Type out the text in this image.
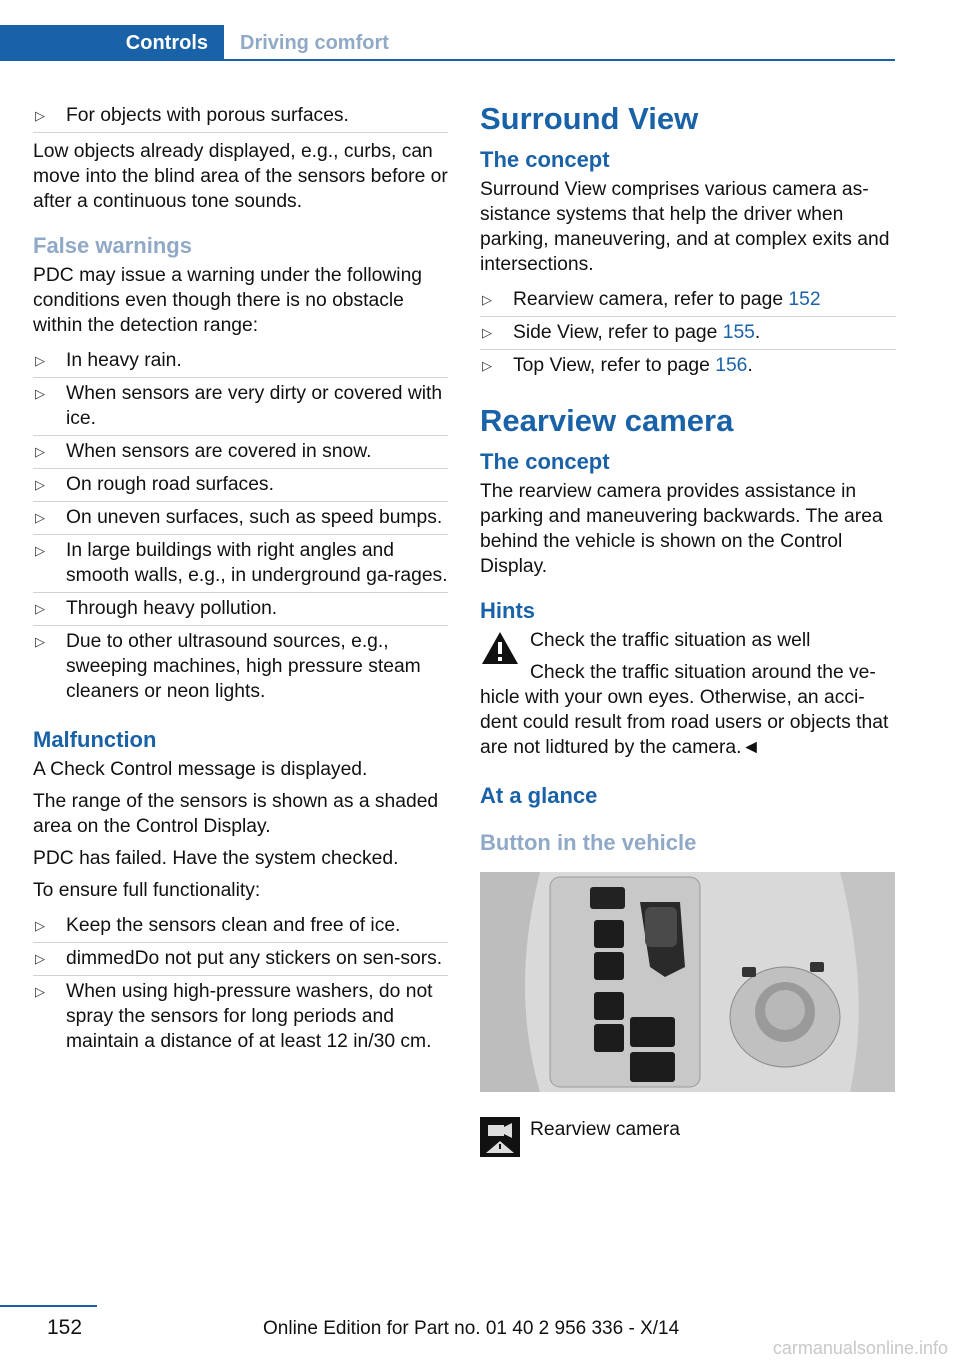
Controls	Driving comfort
▷ For objects with porous surfaces.

Low objects already displayed, e.g., curbs, can move into the blind area of the sensors before or after a continuous tone sounds.

False warnings

PDC may issue a warning under the following conditions even though there is no obstacle within the detection range:

▷ In heavy rain.
▷ When sensors are very dirty or covered with ice.
▷ When sensors are covered in snow.
▷ On rough road surfaces.
▷ On uneven surfaces, such as speed bumps.
▷ In large buildings with right angles and smooth walls, e.g., in underground ga-rages.
▷ Through heavy pollution.
▷ Due to other ultrasound sources, e.g., sweeping machines, high pressure steam cleaners or neon lights.
Malfunction

A Check Control message is displayed.

The range of the sensors is shown as a shaded area on the Control Display.

PDC has failed. Have the system checked.

To ensure full functionality:

▷ Keep the sensors clean and free of ice.
▷ dimmedDo not put any stickers on sen-sors.
▷ When using high-pressure washers, do not spray the sensors for long periods and maintain a distance of at least 12 in/30 cm.
Surround View
The concept

Surround View comprises various camera as-sistance systems that help the driver when parking, maneuvering, and at complex exits and intersections.

▷ Rearview camera, refer to page 152
▷ Side View, refer to page 155.
▷ Top View, refer to page 156.
Rearview camera
The concept

The rearview camera provides assistance in parking and maneuvering backwards. The area behind the vehicle is shown on the Control Display.

Hints

Check the traffic situation as well

Check the traffic situation around the ve-hicle with your own eyes. Otherwise, an acci-dent could result from road users or objects that are not lidtured by the camera.◄

At a glance
Button in the vehicle

Rearview camera

152	Online Edition for Part no. 01 40 2 956 336 - X/14
carmanualsonline.info
